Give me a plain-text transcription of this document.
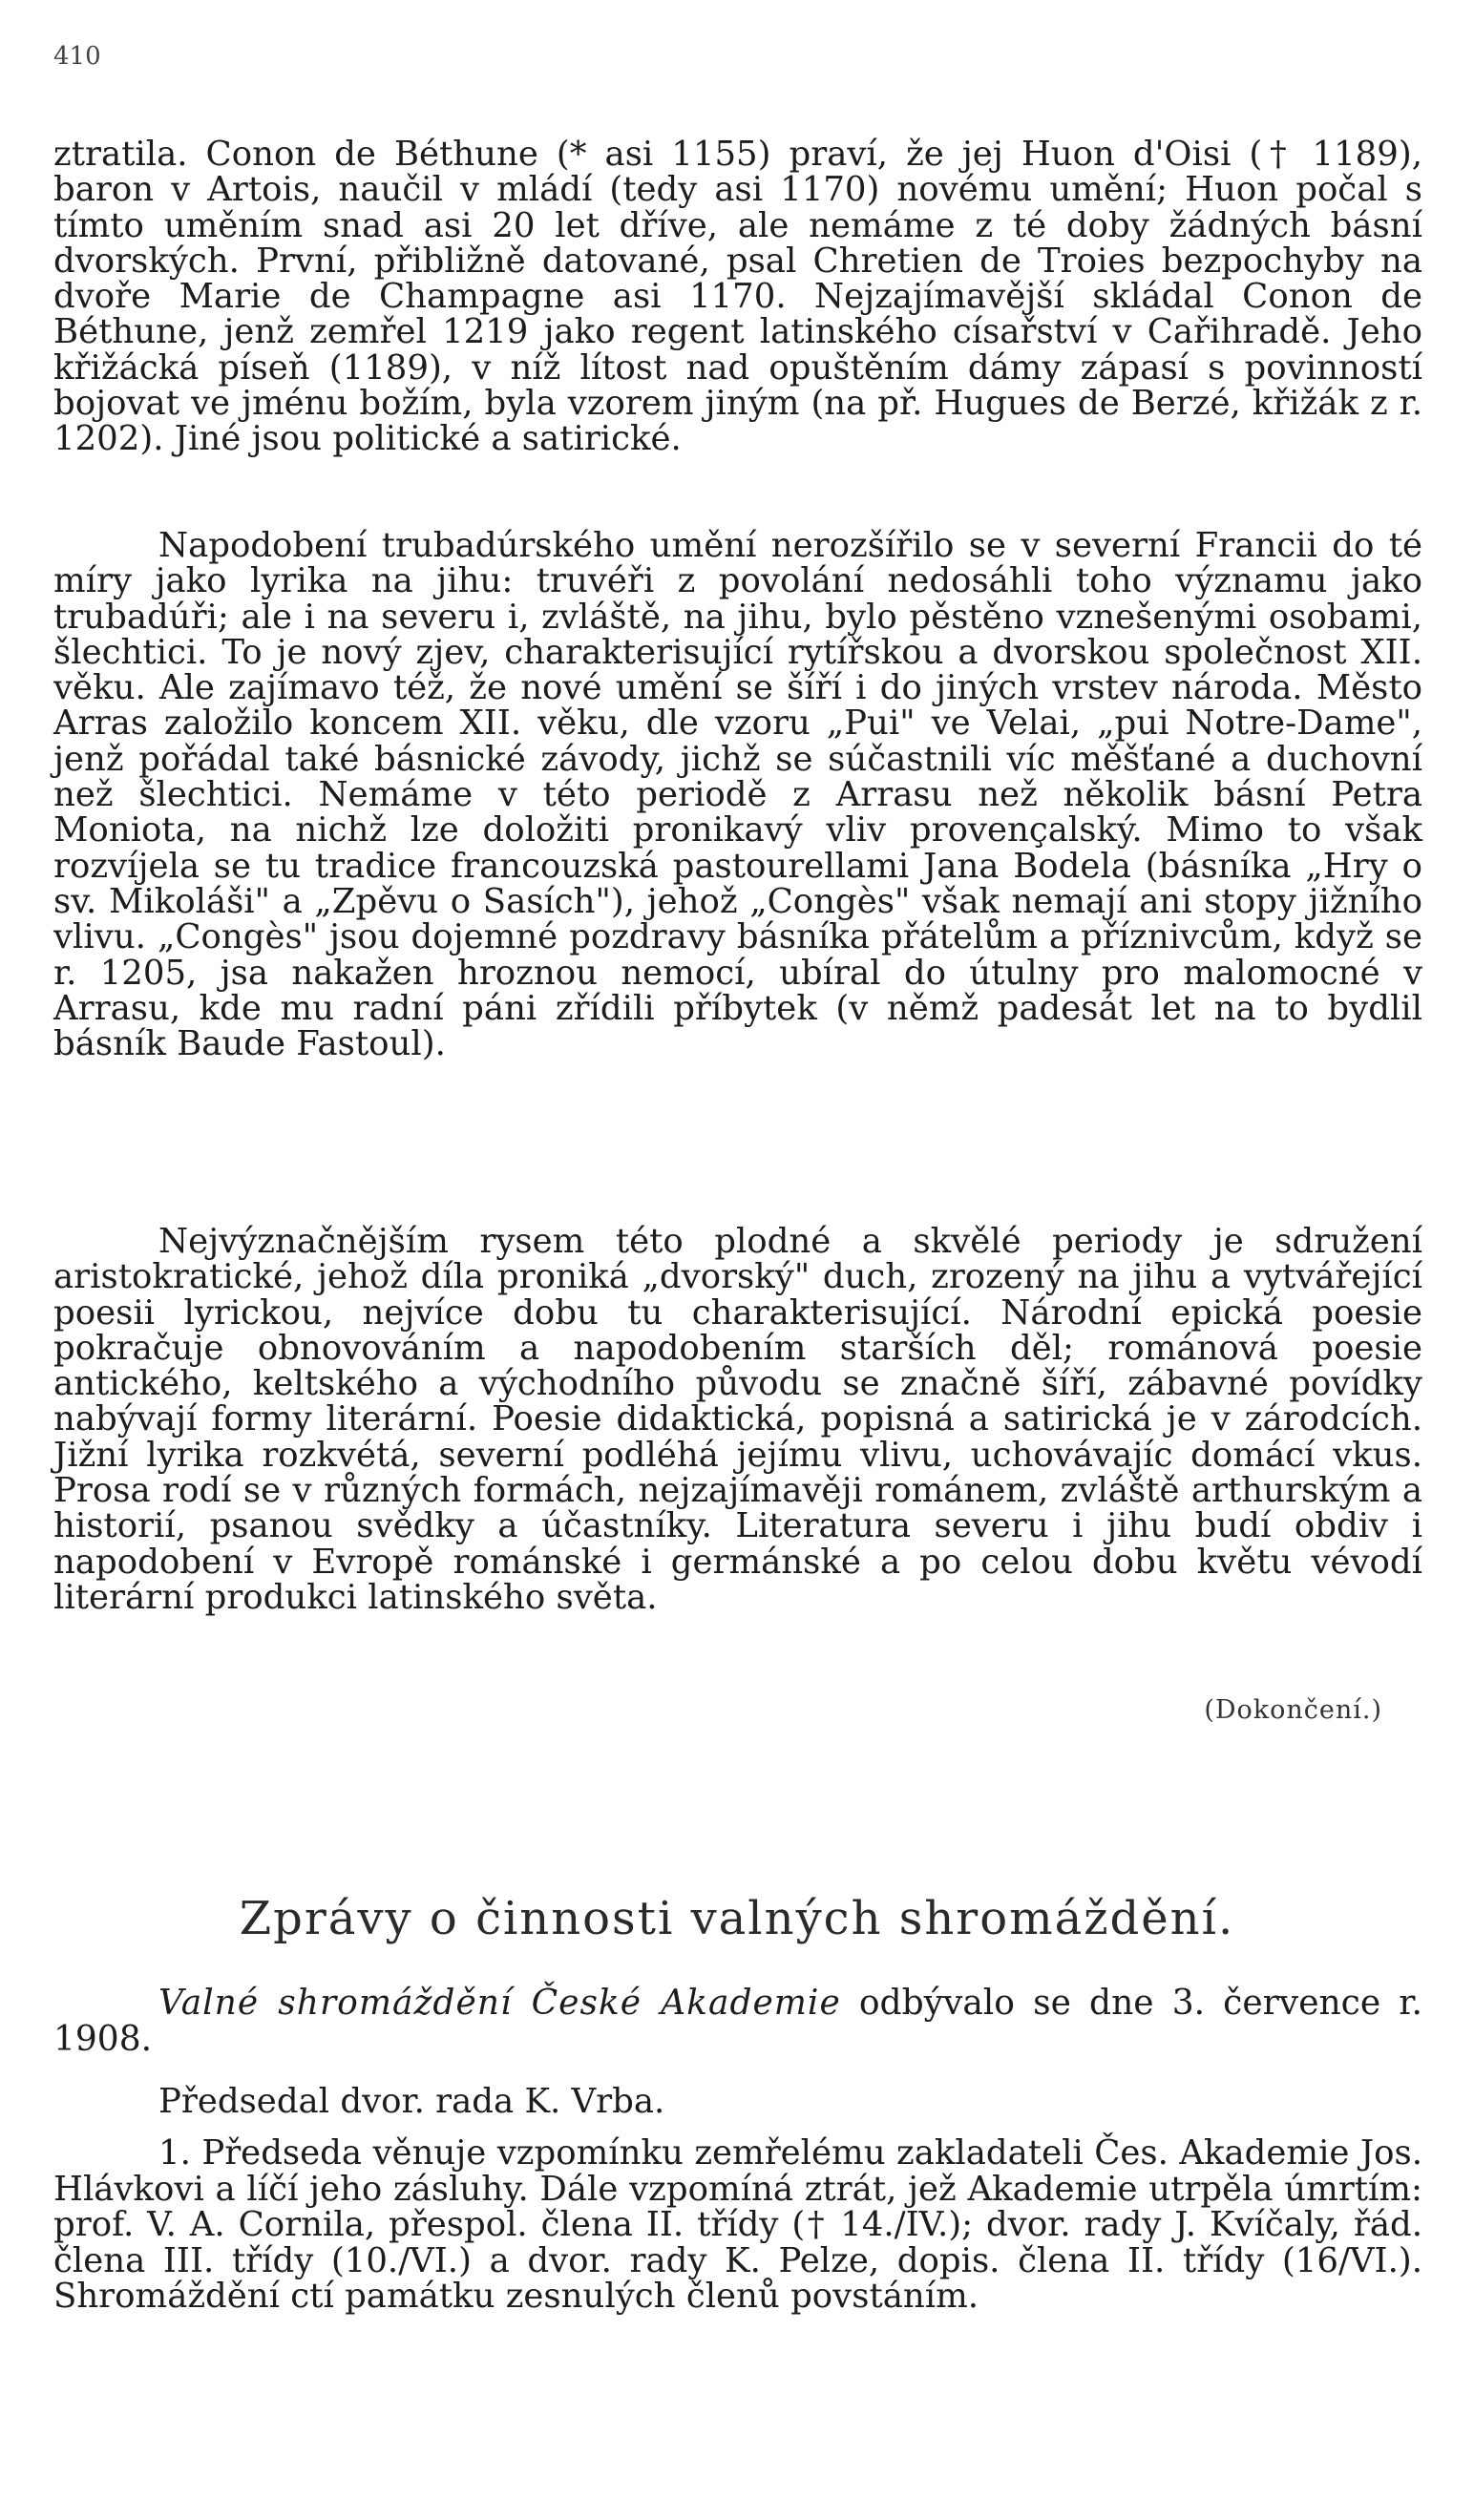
410

ztratila. Conon de Béthune (* asi 1155) praví, že jej Huon d'Oisi († 1189), baron v Artois, naučil v mládí (tedy asi 1170) novému umění; Huon počal s tímto uměním snad asi 20 let dříve, ale nemáme z té doby žádných básní dvorských. První, přibližně datované, psal Chretien de Troies bezpochyby na dvoře Marie de Champagne asi 1170. Nejzajímavější skládal Conon de Béthune, jenž zemřel 1219 jako regent latinského císařství v Cařihradě. Jeho křižácká píseň (1189), v níž lítost nad opuštěním dámy zápasí s povinností bojovat ve jménu božím, byla vzorem jiným (na př. Hugues de Berzé, křižák z r. 1202). Jiné jsou politické a satirické.

Napodobení trubadúrského umění nerozšířilo se v severní Francii do té míry jako lyrika na jihu: truvéři z povolání nedosáhli toho významu jako trubadúři; ale i na severu i, zvláště, na jihu, bylo pěstěno vznešenými osobami, šlechtici. To je nový zjev, charakterisující rytířskou a dvorskou společnost XII. věku. Ale zajímavo též, že nové umění se šíří i do jiných vrstev národa. Město Arras založilo koncem XII. věku, dle vzoru „Pui" ve Velai, „pui Notre-Dame", jenž pořádal také básnické závody, jichž se súčastnili víc měšťané a duchovní než šlechtici. Nemáme v této periodě z Arrasu než několik básní Petra Moniota, na nichž lze doložiti pronikavý vliv provençalský. Mimo to však rozvíjela se tu tradice francouzská pastourellami Jana Bodela (básníka „Hry o sv. Mikoláši" a „Zpěvu o Sasích"), jehož „Congès" však nemají ani stopy jižního vlivu. „Congès" jsou dojemné pozdravy básníka přátelům a příznivcům, když se r. 1205, jsa nakažen hroznou nemocí, ubíral do útulny pro malomocné v Arrasu, kde mu radní páni zřídili příbytek (v němž padesát let na to bydlil básník Baude Fastoul).

Nejvýznačnějším rysem této plodné a skvělé periody je sdružení aristokratické, jehož díla proniká „dvorský" duch, zrozený na jihu a vytvářející poesii lyrickou, nejvíce dobu tu charakterisující. Národní epická poesie pokračuje obnovováním a napodobením starších děl; románová poesie antického, keltského a východního původu se značně šíří, zábavné povídky nabývají formy literární. Poesie didaktická, popisná a satirická je v zárodcích. Jižní lyrika rozkvétá, severní podléhá jejímu vlivu, uchovávajíc domácí vkus. Prosa rodí se v různých formách, nejzajímavěji románem, zvláště arthurským a historií, psanou svědky a účastníky. Literatura severu i jihu budí obdiv i napodobení v Evropě románské i germánské a po celou dobu květu vévodí literární produkci latinského světa.

(Dokončení.)
Zprávy o činnosti valných shromáždění.

Valné shromáždění České Akademie odbývalo se dne 3. července r. 1908.

Předsedal dvor. rada K. Vrba.

1. Předseda věnuje vzpomínku zemřelému zakladateli Čes. Akademie Jos. Hlávkovi a líčí jeho zásluhy. Dále vzpomíná ztrát, jež Akademie utrpěla úmrtím: prof. V. A. Cornila, přespol. člena II. třídy († 14./IV.); dvor. rady J. Kvíčaly, řád. člena III. třídy (10./VI.) a dvor. rady K. Pelze, dopis. člena II. třídy (16/VI.). Shromáždění ctí památku zesnulých členů povstáním.
